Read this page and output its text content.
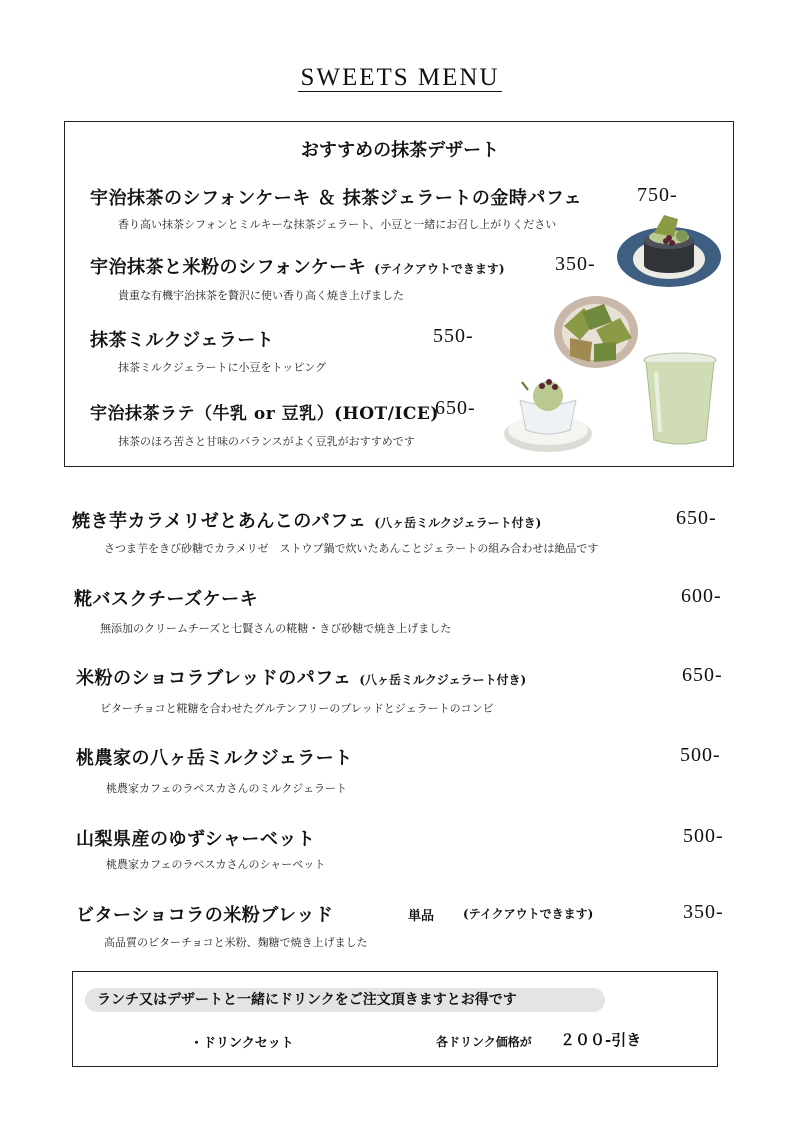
SWEETS MENU
おすすめの抹茶デザート
宇治抹茶のシフォンケーキ ＆ 抹茶ジェラートの金時パフェ	750-
香り高い抹茶シフォンとミルキーな抹茶ジェラート、小豆と一緒にお召し上がりください
宇治抹茶と米粉のシフォンケーキ (テイクアウトできます)	350-
貴重な有機宇治抹茶を贅沢に使い香り高く焼き上げました
抹茶ミルクジェラート	550-
抹茶ミルクジェラートに小豆をトッピング
宇治抹茶ラテ（牛乳 or 豆乳）(HOT/ICE)
650-
抹茶のほろ苦さと甘味のバランスがよく豆乳がおすすめです
焼き芋カラメリゼとあんこのパフェ (八ヶ岳ミルクジェラート付き)	650-
さつま芋をきび砂糖でカラメリゼ　ストウブ鍋で炊いたあんことジェラートの組み合わせは絶品です
糀バスクチーズケーキ	600-
無添加のクリームチーズと七賢さんの糀糖・きび砂糖で焼き上げました
米粉のショコラブレッドのパフェ (八ヶ岳ミルクジェラート付き)	650-
ビターチョコと糀糖を合わせたグルテンフリーのブレッドとジェラートのコンビ
桃農家の八ヶ岳ミルクジェラート	500-
桃農家カフェのラペスカさんのミルクジェラート
山梨県産のゆずシャーベット	500-
桃農家カフェのラペスカさんのシャーベット
ビターショコラの米粉ブレッド	単品 (テイクアウトできます)	350-
高品質のビターチョコと米粉、麹糖で焼き上げました
ランチ又はデザートと一緒にドリンクをご注文頂きますとお得です
・ドリンクセット	各ドリンク価格が ２００-引き
